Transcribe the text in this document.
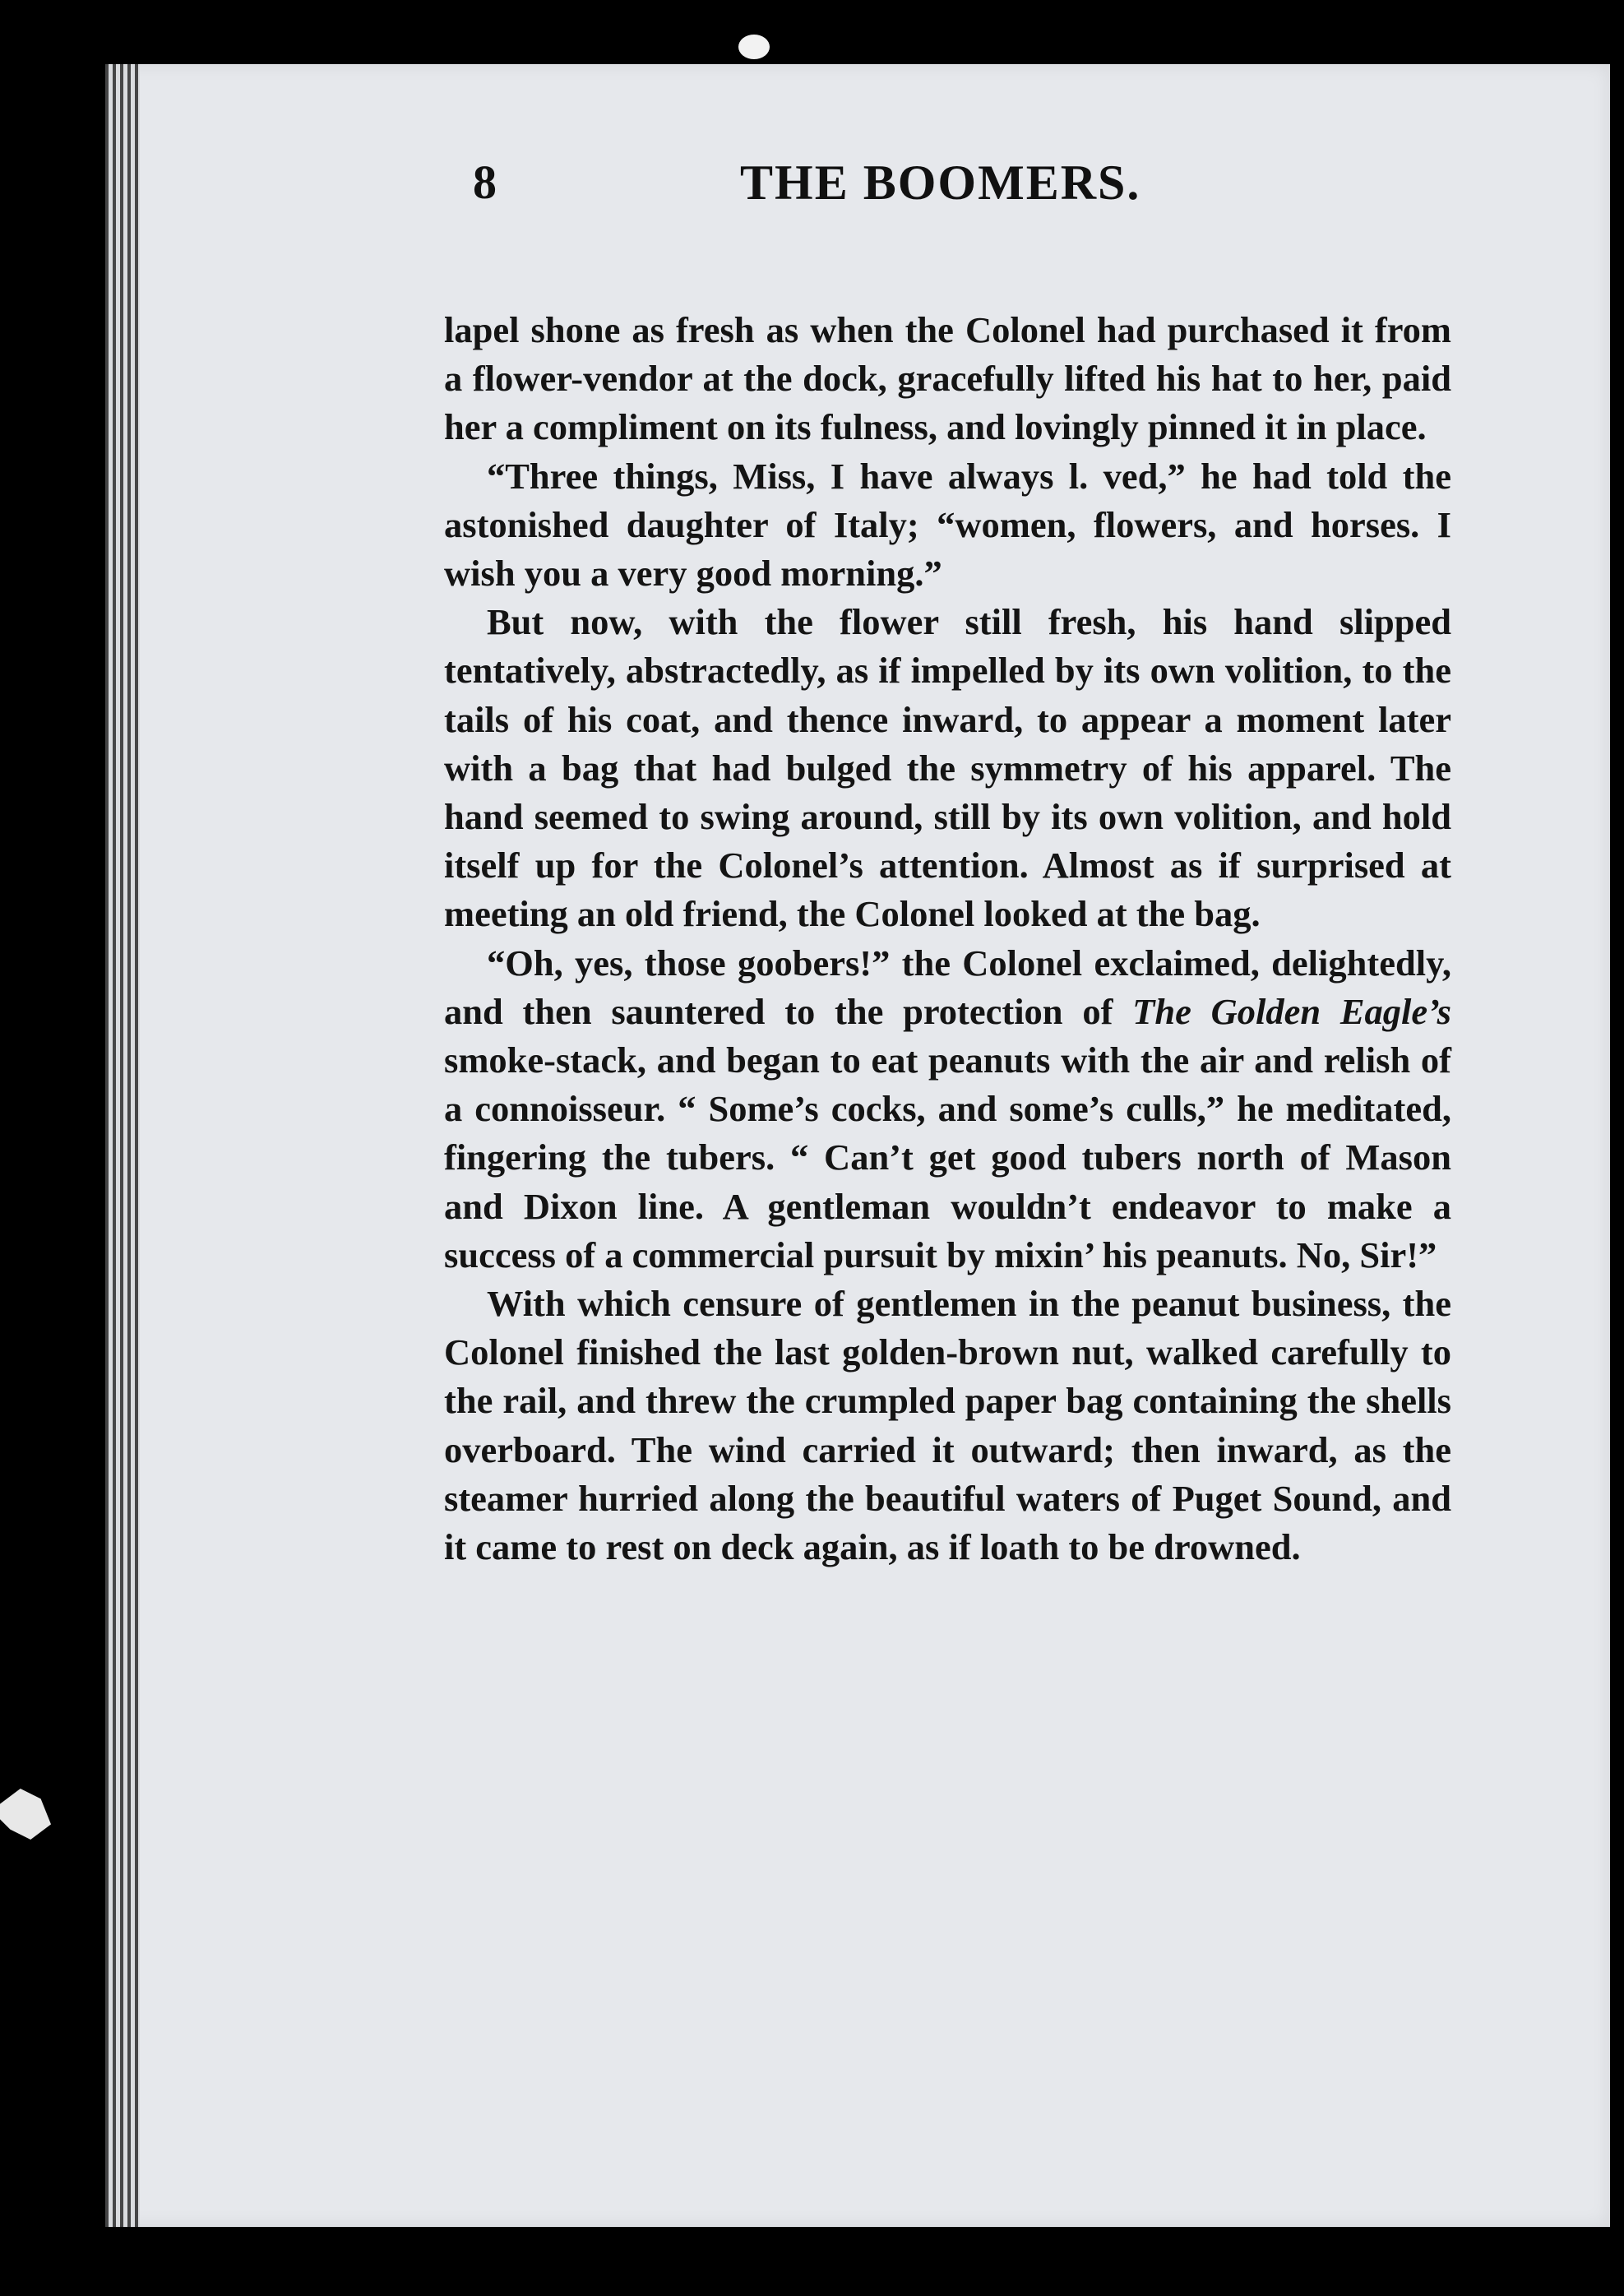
8	THE BOOMERS.

lapel shone as fresh as when the Colonel had purchased it from a flower-vendor at the dock, gracefully lifted his hat to her, paid her a compliment on its fulness, and lovingly pinned it in place.

“Three things, Miss, I have always l. ved,” he had told the astonished daughter of Italy; “women, flowers, and horses. I wish you a very good morning.”

But now, with the flower still fresh, his hand slipped tentatively, abstractedly, as if impelled by its own volition, to the tails of his coat, and thence inward, to appear a moment later with a bag that had bulged the symmetry of his apparel. The hand seemed to swing around, still by its own volition, and hold itself up for the Colonel’s attention. Almost as if surprised at meeting an old friend, the Colonel looked at the bag.

“Oh, yes, those goobers!” the Colonel exclaimed, delightedly, and then sauntered to the protection of The Golden Eagle’s smoke-stack, and began to eat peanuts with the air and relish of a connoisseur. “ Some’s cocks, and some’s culls,” he meditated, fingering the tubers. “ Can’t get good tubers north of Mason and Dixon line. A gentleman wouldn’t endeavor to make a success of a commercial pursuit by mixin’ his peanuts. No, Sir!”

With which censure of gentlemen in the peanut business, the Colonel finished the last golden-brown nut, walked carefully to the rail, and threw the crumpled paper bag containing the shells overboard. The wind carried it outward; then inward, as the steamer hurried along the beautiful waters of Puget Sound, and it came to rest on deck again, as if loath to be drowned.
